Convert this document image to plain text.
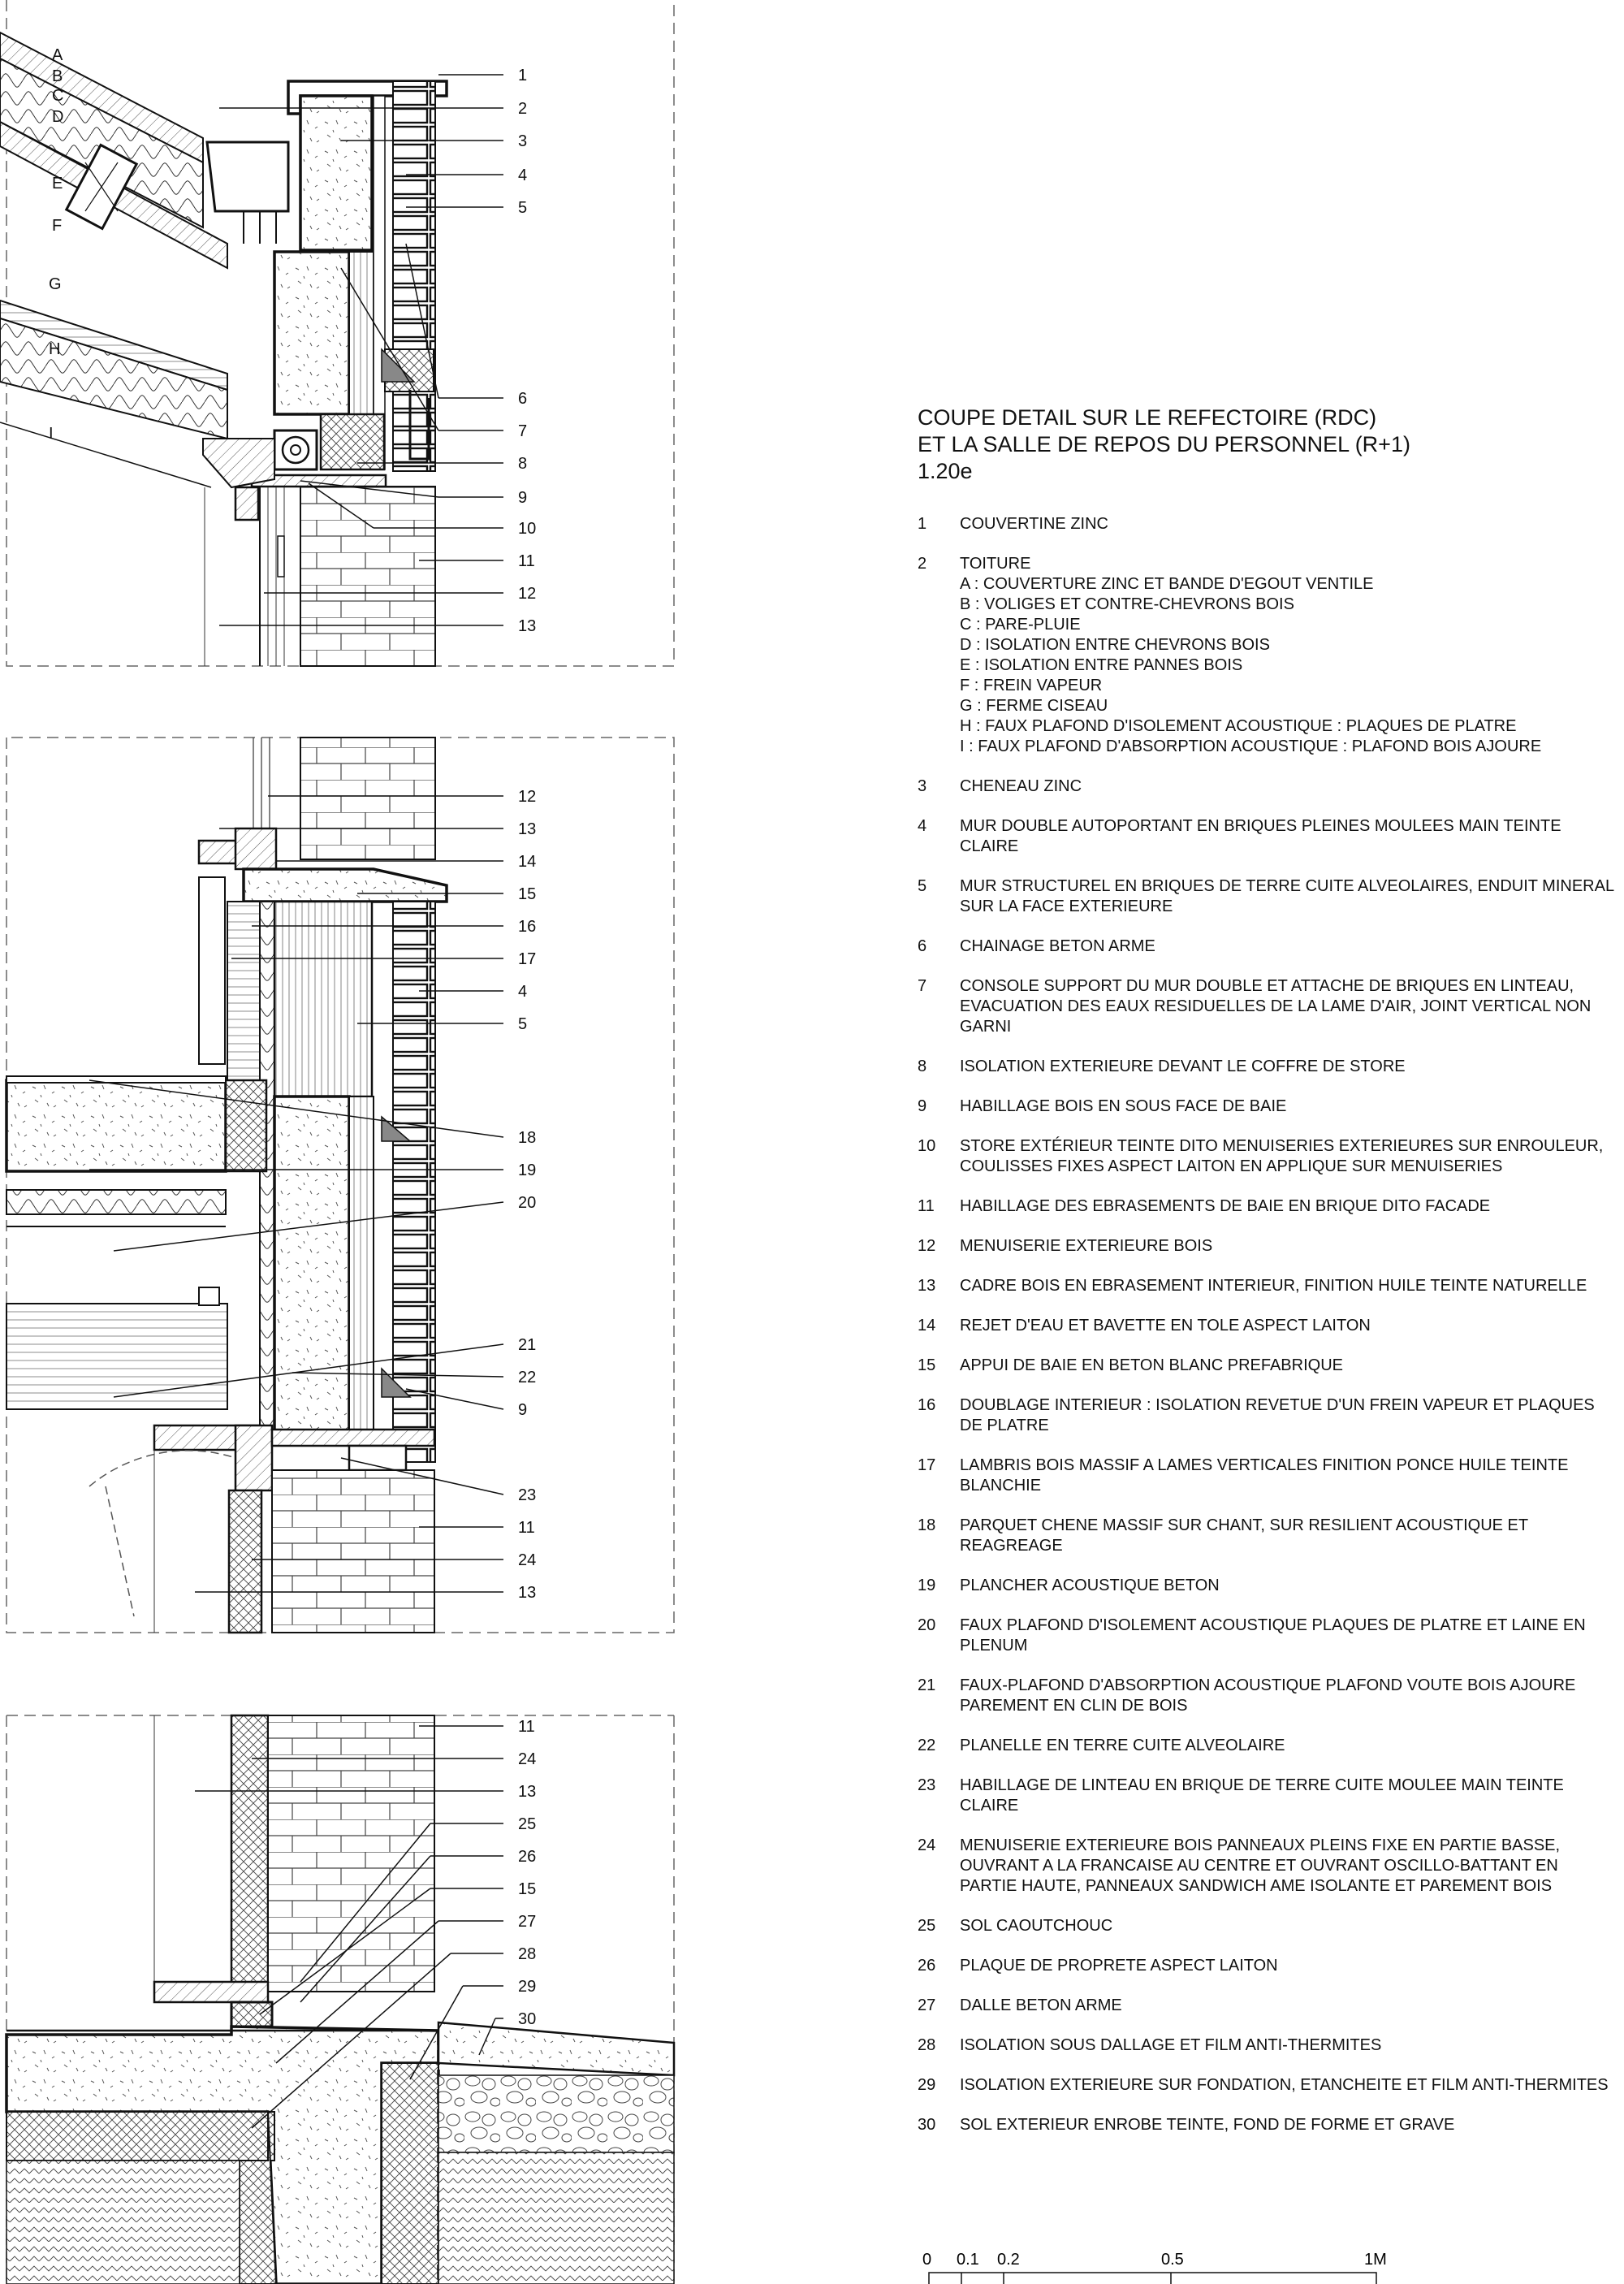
A
B
C
D
E
F
G
H
I
1
2
3
4
5
6
7
8
9
10
11
12
13
12
13
14
15
16
17
4
5
18
19
20
21
22
9
23
11
24
13
11
24
13
25
26
15
27
28
29
30

COUPE DETAIL SUR LE REFECTOIRE (RDC)

ET LA SALLE DE REPOS DU PERSONNEL (R+1)

1.20e

1	COUVERTINE ZINC
2	TOITURE
A : COUVERTURE ZINC ET BANDE D'EGOUT VENTILE
B : VOLIGES ET CONTRE-CHEVRONS BOIS
C : PARE-PLUIE
D : ISOLATION ENTRE CHEVRONS BOIS
E : ISOLATION ENTRE PANNES BOIS
F : FREIN VAPEUR
G : FERME CISEAU
H : FAUX PLAFOND D'ISOLEMENT ACOUSTIQUE : PLAQUES DE PLATRE
I : FAUX PLAFOND D'ABSORPTION ACOUSTIQUE : PLAFOND BOIS AJOURE
3	CHENEAU ZINC
4	MUR DOUBLE AUTOPORTANT EN BRIQUES PLEINES MOULEES MAIN TEINTE CLAIRE
5	MUR STRUCTUREL EN BRIQUES DE TERRE CUITE ALVEOLAIRES, ENDUIT MINERAL SUR LA FACE EXTERIEURE
6	CHAINAGE BETON ARME
7	CONSOLE SUPPORT DU MUR DOUBLE ET ATTACHE DE BRIQUES EN LINTEAU, EVACUATION DES EAUX RESIDUELLES DE LA LAME D'AIR, JOINT VERTICAL NON GARNI
8	ISOLATION EXTERIEURE DEVANT LE COFFRE DE STORE
9	HABILLAGE BOIS EN SOUS FACE DE BAIE
10	STORE EXTÉRIEUR TEINTE DITO MENUISERIES EXTERIEURES SUR ENROULEUR, COULISSES FIXES ASPECT LAITON EN APPLIQUE SUR MENUISERIES
11	HABILLAGE DES EBRASEMENTS DE BAIE EN BRIQUE DITO FACADE
12	MENUISERIE EXTERIEURE BOIS
13	CADRE BOIS EN EBRASEMENT INTERIEUR, FINITION HUILE TEINTE NATURELLE
14	REJET D'EAU ET BAVETTE EN TOLE ASPECT LAITON
15	APPUI DE BAIE EN BETON BLANC PREFABRIQUE
16	DOUBLAGE INTERIEUR : ISOLATION REVETUE D'UN FREIN VAPEUR ET PLAQUES DE PLATRE
17	LAMBRIS BOIS MASSIF A LAMES VERTICALES FINITION PONCE HUILE TEINTE BLANCHIE
18	PARQUET CHENE MASSIF SUR CHANT, SUR RESILIENT ACOUSTIQUE ET REAGREAGE
19	PLANCHER ACOUSTIQUE BETON
20	FAUX PLAFOND D'ISOLEMENT ACOUSTIQUE PLAQUES DE PLATRE ET LAINE EN PLENUM
21	FAUX-PLAFOND D'ABSORPTION ACOUSTIQUE PLAFOND VOUTE BOIS AJOURE PAREMENT EN CLIN DE BOIS
22	PLANELLE EN TERRE CUITE ALVEOLAIRE
23	HABILLAGE DE LINTEAU EN BRIQUE DE TERRE CUITE MOULEE MAIN TEINTE CLAIRE
24	MENUISERIE EXTERIEURE BOIS PANNEAUX PLEINS FIXE EN PARTIE BASSE, OUVRANT A LA FRANCAISE AU CENTRE ET OUVRANT OSCILLO-BATTANT EN PARTIE HAUTE, PANNEAUX SANDWICH AME ISOLANTE ET PAREMENT BOIS
25	SOL CAOUTCHOUC
26	PLAQUE DE PROPRETE ASPECT LAITON
27	DALLE BETON ARME
28	ISOLATION SOUS DALLAGE ET FILM ANTI-THERMITES
29	ISOLATION EXTERIEURE SUR FONDATION, ETANCHEITE ET FILM ANTI-THERMITES
30	SOL EXTERIEUR ENROBE TEINTE, FOND DE FORME ET GRAVE
0 0.1 0.2	0.5	1M
